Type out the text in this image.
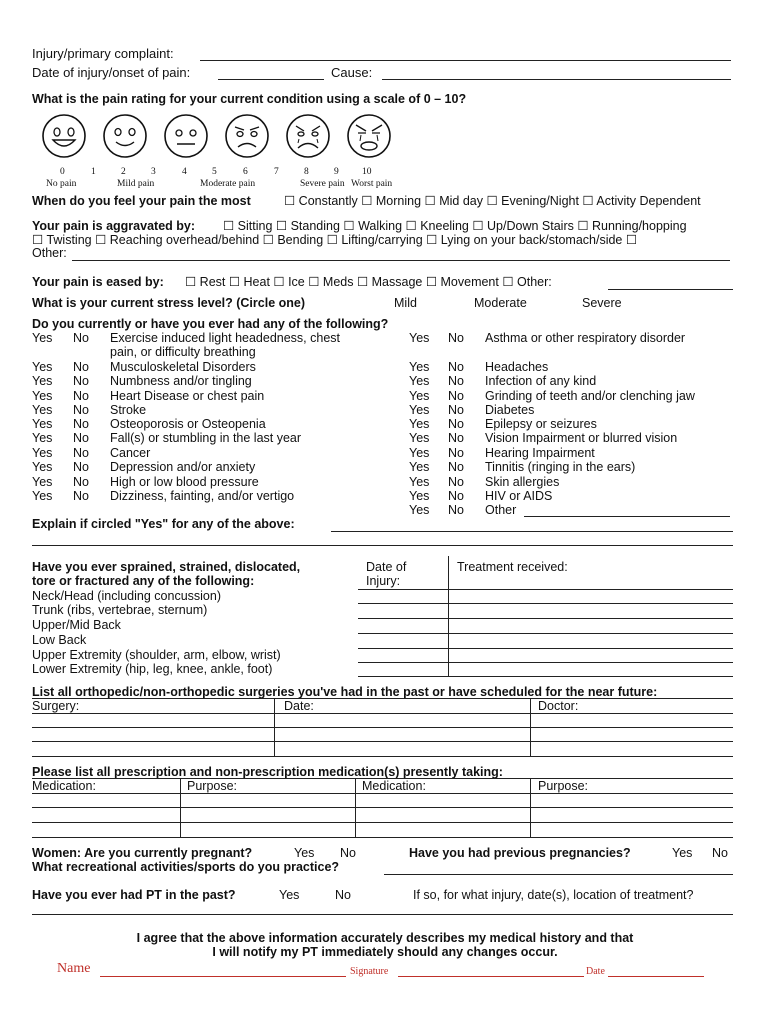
Injury/primary complaint:
Date of injury/onset of pain:	Cause:
What is the pain rating for your current condition using a scale of 0 – 10?
0	1	2	3	4	5	6	7	8	9 10
No pain	Mild pain	Moderate pain	Severe pain Worst pain
When do you feel your pain the most	☐ Constantly ☐ Morning ☐ Mid day ☐ Evening/Night ☐ Activity Dependent
Your pain is aggravated by: ☐ Sitting ☐ Standing ☐ Walking ☐ Kneeling ☐ Up/Down Stairs ☐ Running/hopping
☐ Twisting ☐ Reaching overhead/behind ☐ Bending ☐ Lifting/carrying ☐ Lying on your back/stomach/side ☐
Other:
Your pain is eased by: ☐ Rest ☐ Heat ☐ Ice ☐ Meds ☐ Massage ☐ Movement ☐ Other:
What is your current stress level? (Circle one)	Mild	Moderate	Severe
Do you currently or have you ever had any of the following?
Yes No Exercise induced light headedness, chest
pain, or difficulty breathing
Yes No Musculoskeletal Disorders
Yes No Numbness and/or tingling
Yes No Heart Disease or chest pain
Yes No Stroke
Yes No Osteoporosis or Osteopenia
Yes No Fall(s) or stumbling in the last year
Yes No Cancer
Yes No Depression and/or anxiety
Yes No High or low blood pressure
Yes No Dizziness, fainting, and/or vertigo
Yes No Asthma or other respiratory disorder
Yes No Headaches
Yes No Infection of any kind
Yes No Grinding of teeth and/or clenching jaw
Yes No Diabetes
Yes No Epilepsy or seizures
Yes No Vision Impairment or blurred vision
Yes No Hearing Impairment
Yes No Tinnitis (ringing in the ears)
Yes No Skin allergies
Yes No HIV or AIDS
Yes No Other
Explain if circled "Yes" for any of the above:
Have you ever sprained, strained, dislocated,
tore or fractured any of the following:
Date of
Injury:
Treatment received:
Neck/Head (including concussion)
Trunk (ribs, vertebrae, sternum)
Upper/Mid Back
Low Back
Upper Extremity (shoulder, arm, elbow, wrist)
Lower Extremity (hip, leg, knee, ankle, foot)
List all orthopedic/non-orthopedic surgeries you've had in the past or have scheduled for the near future:
Surgery:	Date:	Doctor:
Please list all prescription and non-prescription medication(s) presently taking:
Medication:	Purpose:	Medication:	Purpose:
Women: Are you currently pregnant?	Yes No	Have you had previous pregnancies?	Yes No
What recreational activities/sports do you practice?
Have you ever had PT in the past?	Yes	No	If so, for what injury, date(s), location of treatment?
I agree that the above information accurately describes my medical history and that
I will notify my PT immediately should any changes occur.
Name	Signature	Date
